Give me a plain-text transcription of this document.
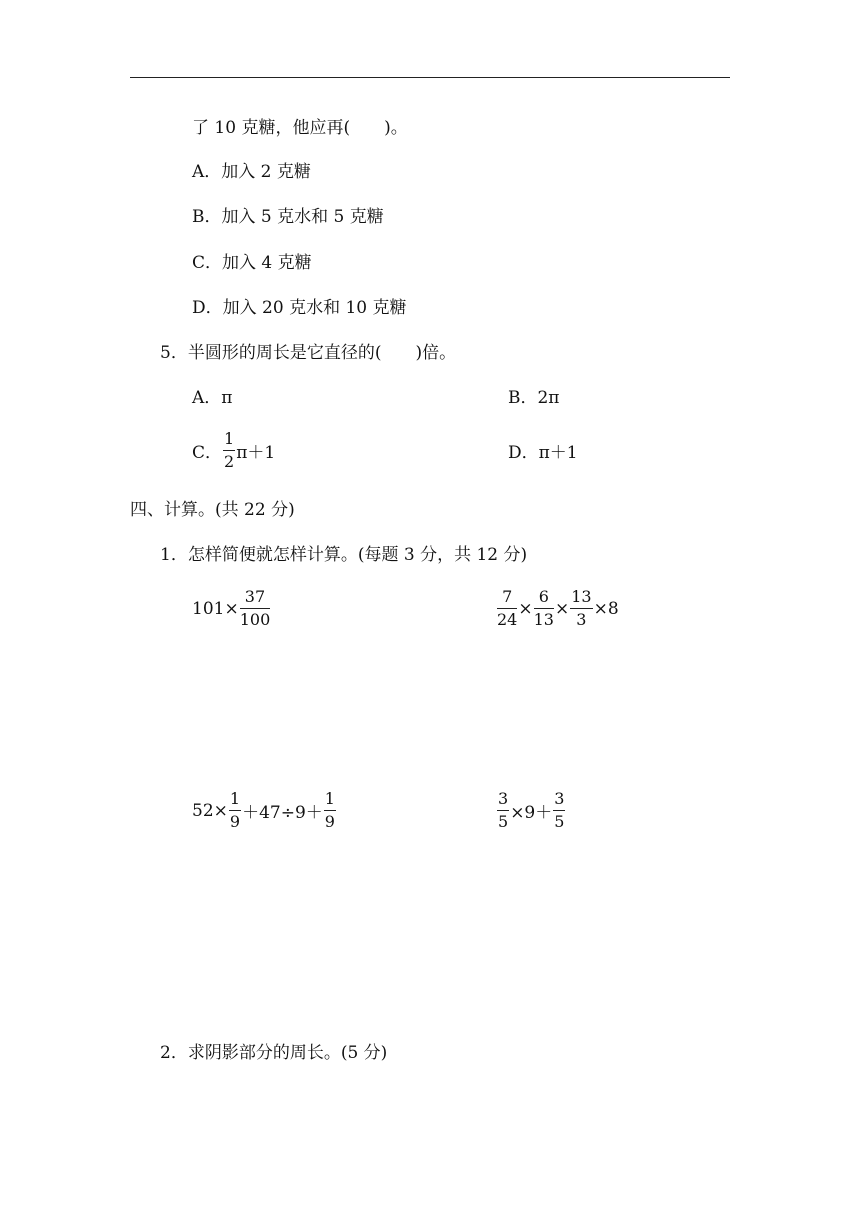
了 10 克糖，他应再(　　)。
A．加入 2 克糖
B．加入 5 克水和 5 克糖
C．加入 4 克糖
D．加入 20 克水和 10 克糖
5．半圆形的周长是它直径的(　　)倍。
A．π	B．2π
C． $\frac{1}{2} \pi+1$	D．π＋1
四、计算。(共 22 分)
1．怎样简便就怎样计算。(每题 3 分，共 12 分)
$101\times \frac{37}{100}$	$\frac{7}{24} \times \frac{6}{13} \times \frac{13}{3} \times 8$
$52\times \frac{1}{9} +47\div 9+ \frac{1}{9}$	$\frac{3}{5} \times 9+ \frac{3}{5}$
2．求阴影部分的周长。(5 分)
